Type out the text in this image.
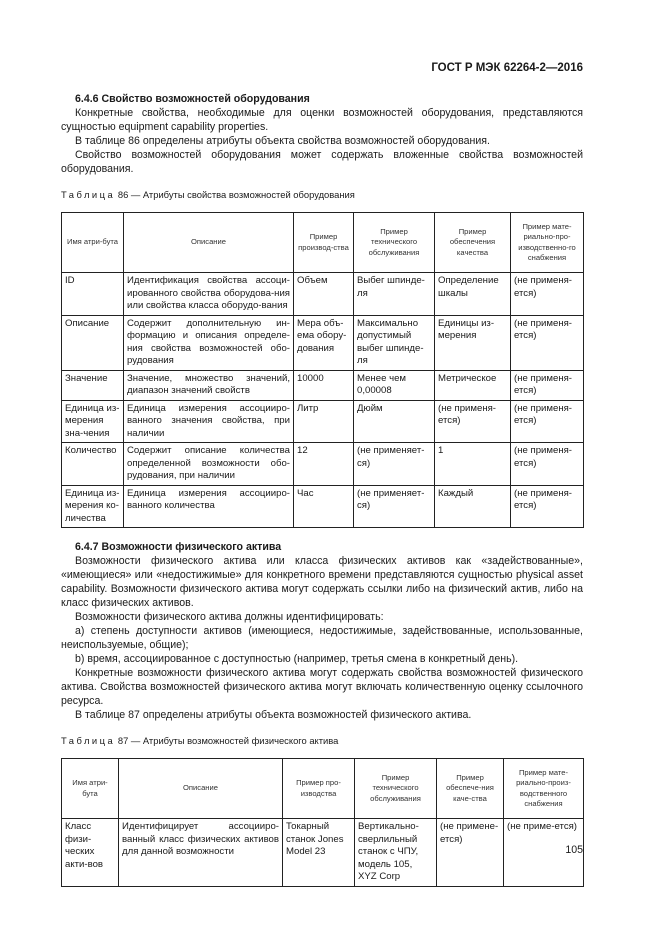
ГОСТ Р МЭК 62264-2—2016

6.4.6 Свойство возможностей оборудования

Конкретные свойства, необходимые для оценки возможностей оборудования, представляются сущностью equipment capability properties.

В таблице 86 определены атрибуты объекта свойства возможностей оборудования.

Свойство возможностей оборудования может содержать вложенные свойства возможностей оборудования.

Таблица 86 — Атрибуты свойства возможностей оборудования
Имя атри-бута	Описание	Пример производ-ства	Пример технического обслуживания	Пример обеспечения качества	Пример мате-риально-про-изводственно-го снабжения
ID	Идентификация свойства ассоци-ированного свойства оборудова-ния или свойства класса оборудо-вания	Объем	Выбег шпинде-ля	Определение шкалы	(не применя-ется)
Описание	Содержит дополнительную ин-формацию и описания определе-ния свойства возможностей обо-рудования	Мера объ-ема обору-дования	Максимально допустимый выбег шпинде-ля	Единицы из-мерения	(не применя-ется)
Значение	Значение, множество значений, диапазон значений свойств	10000	Менее чем 0,00008	Метрическое	(не применя-ется)
Единица из-мерения зна-чения	Единица измерения ассоцииро-ванного значения свойства, при наличии	Литр	Дюйм	(не применя-ется)	(не применя-ется)
Количество	Содержит описание количества определенной возможности обо-рудования, при наличии	12	(не применяет-ся)	1	(не применя-ется)
Единица из-мерения ко-личества	Единица измерения ассоцииро-ванного количества	Час	(не применяет-ся)	Каждый	(не применя-ется)

6.4.7 Возможности физического актива

Возможности физического актива или класса физических активов как «задействованные», «имеющиеся» или «недостижимые» для конкретного времени представляются сущностью physical asset capability. Возможности физического актива могут содержать ссылки либо на физический актив, либо на класс физических активов.

Возможности физического актива должны идентифицировать:

а) степень доступности активов (имеющиеся, недостижимые, задействованные, использованные, неиспользуемые, общие);

b) время, ассоциированное с доступностью (например, третья смена в конкретный день).

Конкретные возможности физического актива могут содержать свойства возможностей физического актива. Свойства возможностей физического актива могут включать количественную оценку ссылочного ресурса.

В таблице 87 определены атрибуты объекта возможностей физического актива.

Таблица 87 — Атрибуты возможностей физического актива
Имя атри-бута	Описание	Пример про-изводства	Пример технического обслуживания	Пример обеспече-ния каче-ства	Пример мате-риально-произ-водственного снабжения
Класс физи-ческих акти-вов	Идентифицирует ассоцииро-ванный класс физических активов для данной возможности	Токарный станок Jones Model 23	Вертикально-сверлильный станок с ЧПУ, модель 105, XYZ Corp	(не примене-ется)	(не приме-ется)
105
